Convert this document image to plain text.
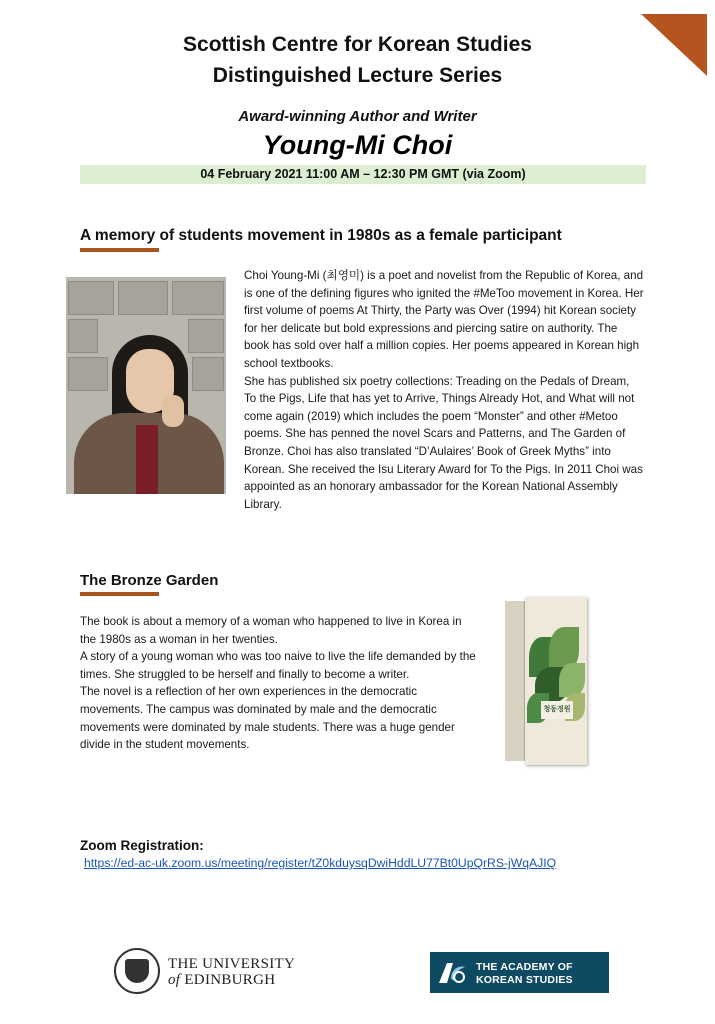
Scottish Centre for Korean Studies
Distinguished Lecture Series
Award-winning Author and Writer
Young-Mi Choi
04 February 2021 11:00 AM – 12:30 PM GMT (via Zoom)
A memory of students movement in 1980s as a female participant

Choi Young-Mi (최영미) is a poet and novelist from the Republic of Korea, and is one of the defining figures who ignited the #MeToo movement in Korea. Her first volume of poems At Thirty, the Party was Over (1994) hit Korean society for her delicate but bold expressions and piercing satire on authority. The book has sold over half a million copies. Her poems appeared in Korean high school textbooks.

She has published six poetry collections: Treading on the Pedals of Dream, To the Pigs, Life that has yet to Arrive, Things Already Hot, and What will not come again (2019) which includes the poem “Monster” and other #Metoo poems. She has penned the novel Scars and Patterns, and The Garden of Bronze. Choi has also translated “D’Aulaires’ Book of Greek Myths” into Korean. She received the Isu Literary Award for To the Pigs. In 2011 Choi was appointed as an honorary ambassador for the Korean National Assembly Library.

The Bronze Garden

The book is about a memory of a woman who happened to live in Korea in the 1980s as a woman in her twenties.

A story of a young woman who was too naive to live the life demanded by the times. She struggled to be herself and finally to become a writer.

The novel is a reflection of her own experiences in the democratic movements. The campus was dominated by male and the democratic movements were dominated by male students. There was a huge gender divide in the student movements.

청동정원
Zoom Registration:
https://ed-ac-uk.zoom.us/meeting/register/tZ0kduysqDwiHddLU77Bt0UpQrRS-jWqAJIQ
THE UNIVERSITY
of EDINBURGH
THE ACADEMY OF
KOREAN STUDIES
